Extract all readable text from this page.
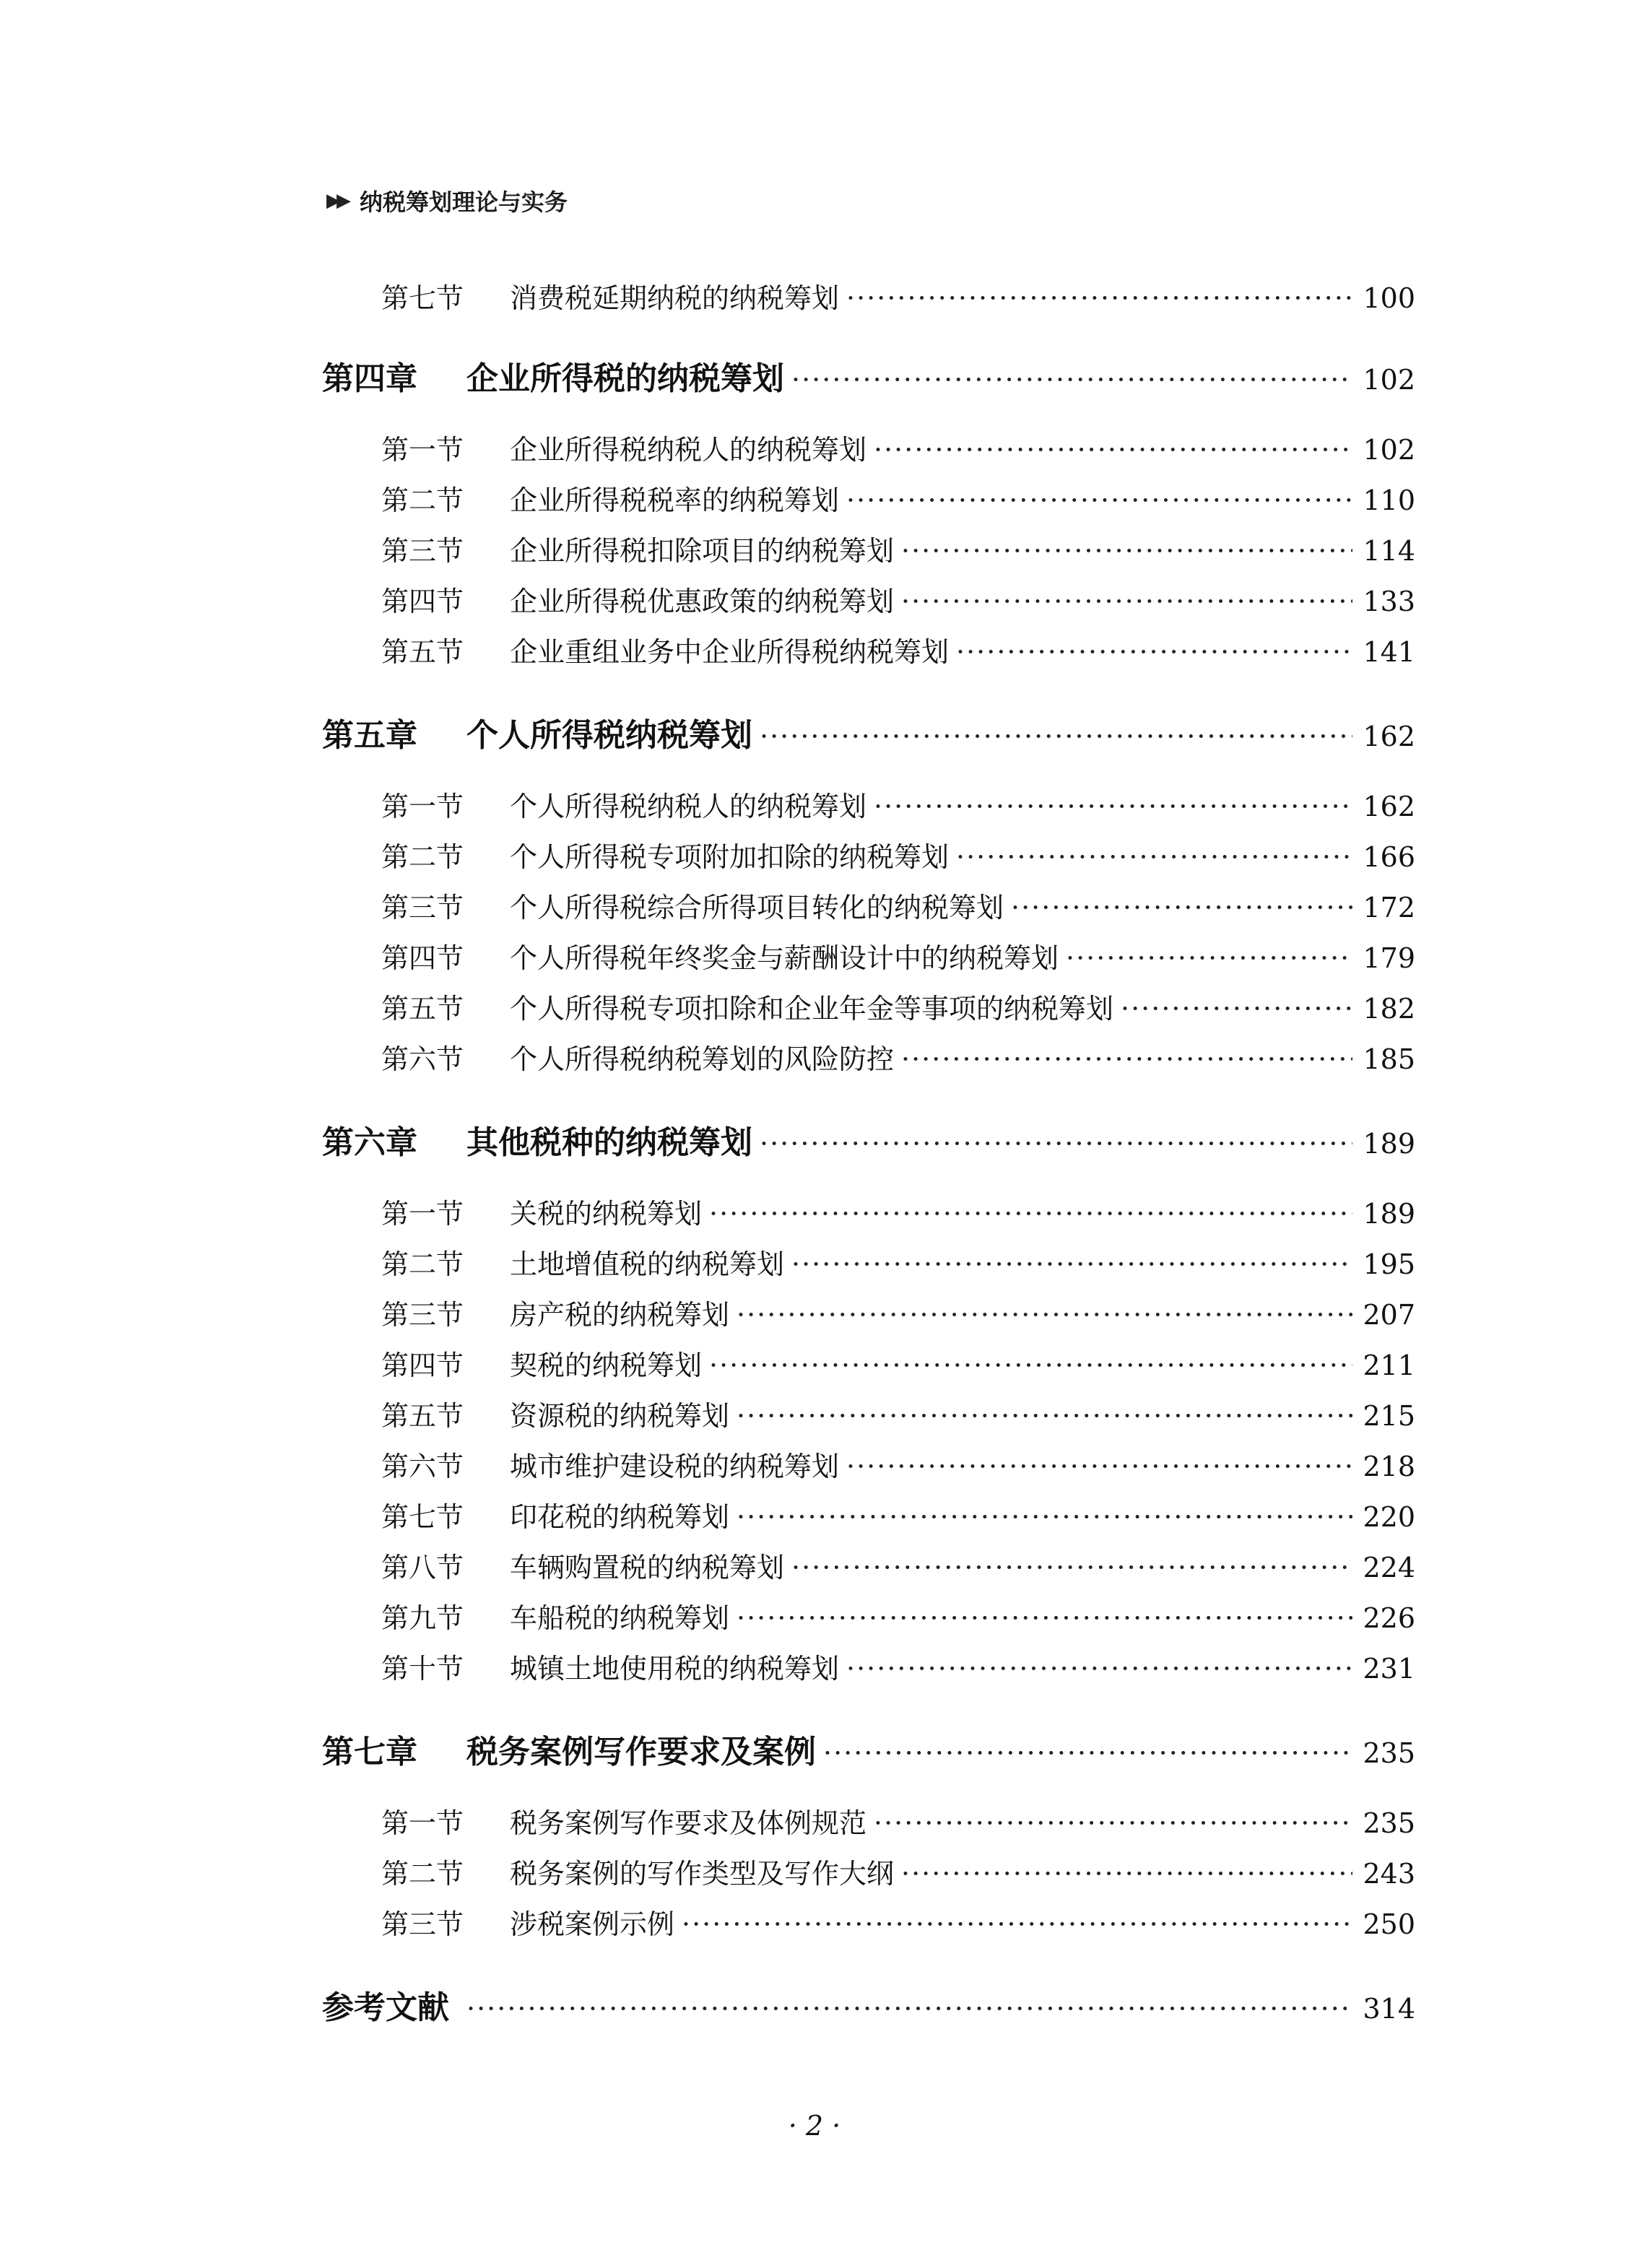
▶▶ 纳税筹划理论与实务
第七节	消费税延期纳税的纳税筹划 ·····	100
第四章	企业所得税的纳税筹划 ·····	102
第一节	企业所得税纳税人的纳税筹划 ·····	102
第二节	企业所得税税率的纳税筹划 ·····	110
第三节	企业所得税扣除项目的纳税筹划 ·····	114
第四节	企业所得税优惠政策的纳税筹划 ·····	133
第五节	企业重组业务中企业所得税纳税筹划 ·····	141
第五章	个人所得税纳税筹划 ·····	162
第一节	个人所得税纳税人的纳税筹划 ·····	162
第二节	个人所得税专项附加扣除的纳税筹划 ·····	166
第三节	个人所得税综合所得项目转化的纳税筹划 ·····	172
第四节	个人所得税年终奖金与薪酬设计中的纳税筹划 ·····	179
第五节	个人所得税专项扣除和企业年金等事项的纳税筹划 ·····	182
第六节	个人所得税纳税筹划的风险防控 ·····	185
第六章	其他税种的纳税筹划 ·····	189
第一节	关税的纳税筹划 ·····	189
第二节	土地增值税的纳税筹划 ·····	195
第三节	房产税的纳税筹划 ·····	207
第四节	契税的纳税筹划 ·····	211
第五节	资源税的纳税筹划 ·····	215
第六节	城市维护建设税的纳税筹划 ·····	218
第七节	印花税的纳税筹划 ·····	220
第八节	车辆购置税的纳税筹划 ·····	224
第九节	车船税的纳税筹划 ·····	226
第十节	城镇土地使用税的纳税筹划 ·····	231
第七章	税务案例写作要求及案例 ·····	235
第一节	税务案例写作要求及体例规范 ·····	235
第二节	税务案例的写作类型及写作大纲 ·····	243
第三节	涉税案例示例 ·····	250
参考文献 ·····	314
· 2 ·
